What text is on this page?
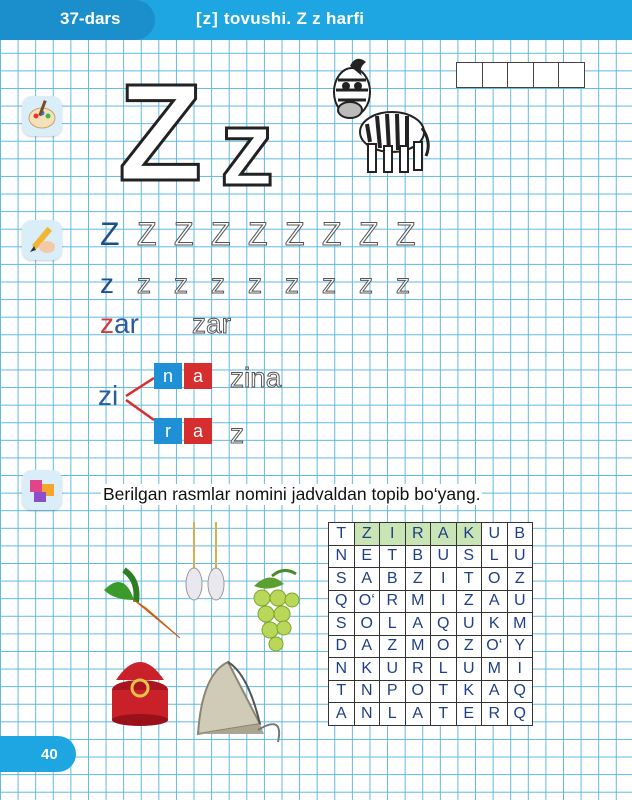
37-dars	[z] tovushi. Z z harfi
Z z
Z Z Z Z Z Z Z Z Z
z z z z z z z z z
zar zar
zi
n	a
r	a
zina
z
Berilgan rasmlar nomini jadvaldan topib bo‘yang.
T	Z	I	R	A	K	U	B
N	E	T	B	U	S	L	U
S	A	B	Z	I	T	O	Z
Q	O‘	R	M	I	Z	A	U
S	O	L	A	Q	U	K	M
D	A	Z	M	O	Z	O‘	Y
N	K	U	R	L	U	M	I
T	N	P	O	T	K	A	Q
A	N	L	A	T	E	R	Q
40
